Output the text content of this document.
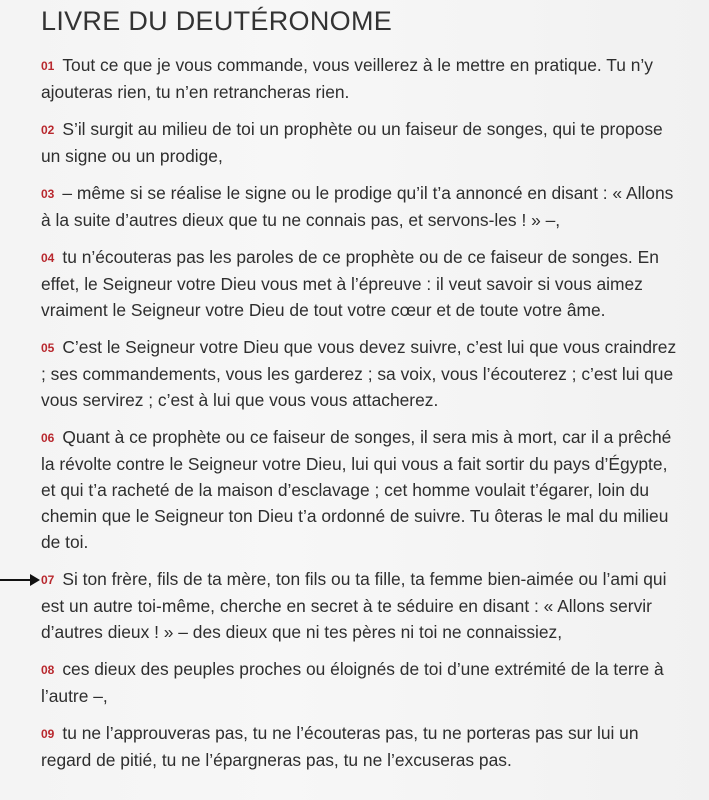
LIVRE DU DEUTÉRONOME

01 Tout ce que je vous commande, vous veillerez à le mettre en pratique. Tu n’y ajouteras rien, tu n’en retrancheras rien.

02 S’il surgit au milieu de toi un prophète ou un faiseur de songes, qui te propose un signe ou un prodige,

03 – même si se réalise le signe ou le prodige qu’il t’a annoncé en disant : « Allons à la suite d’autres dieux que tu ne connais pas, et servons-les ! » –,

04 tu n’écouteras pas les paroles de ce prophète ou de ce faiseur de songes. En effet, le Seigneur votre Dieu vous met à l’épreuve : il veut savoir si vous aimez vraiment le Seigneur votre Dieu de tout votre cœur et de toute votre âme.

05 C’est le Seigneur votre Dieu que vous devez suivre, c’est lui que vous craindrez ; ses commandements, vous les garderez ; sa voix, vous l’écouterez ; c’est lui que vous servirez ; c’est à lui que vous vous attacherez.

06 Quant à ce prophète ou ce faiseur de songes, il sera mis à mort, car il a prêché la révolte contre le Seigneur votre Dieu, lui qui vous a fait sortir du pays d’Égypte, et qui t’a racheté de la maison d’esclavage ; cet homme voulait t’égarer, loin du chemin que le Seigneur ton Dieu t’a ordonné de suivre. Tu ôteras le mal du milieu de toi.

07 Si ton frère, fils de ta mère, ton fils ou ta fille, ta femme bien-aimée ou l’ami qui est un autre toi-même, cherche en secret à te séduire en disant : « Allons servir d’autres dieux ! » – des dieux que ni tes pères ni toi ne connaissiez,

08 ces dieux des peuples proches ou éloignés de toi d’une extrémité de la terre à l’autre –,

09 tu ne l’approuveras pas, tu ne l’écouteras pas, tu ne porteras pas sur lui un regard de pitié, tu ne l’épargneras pas, tu ne l’excuseras pas.
